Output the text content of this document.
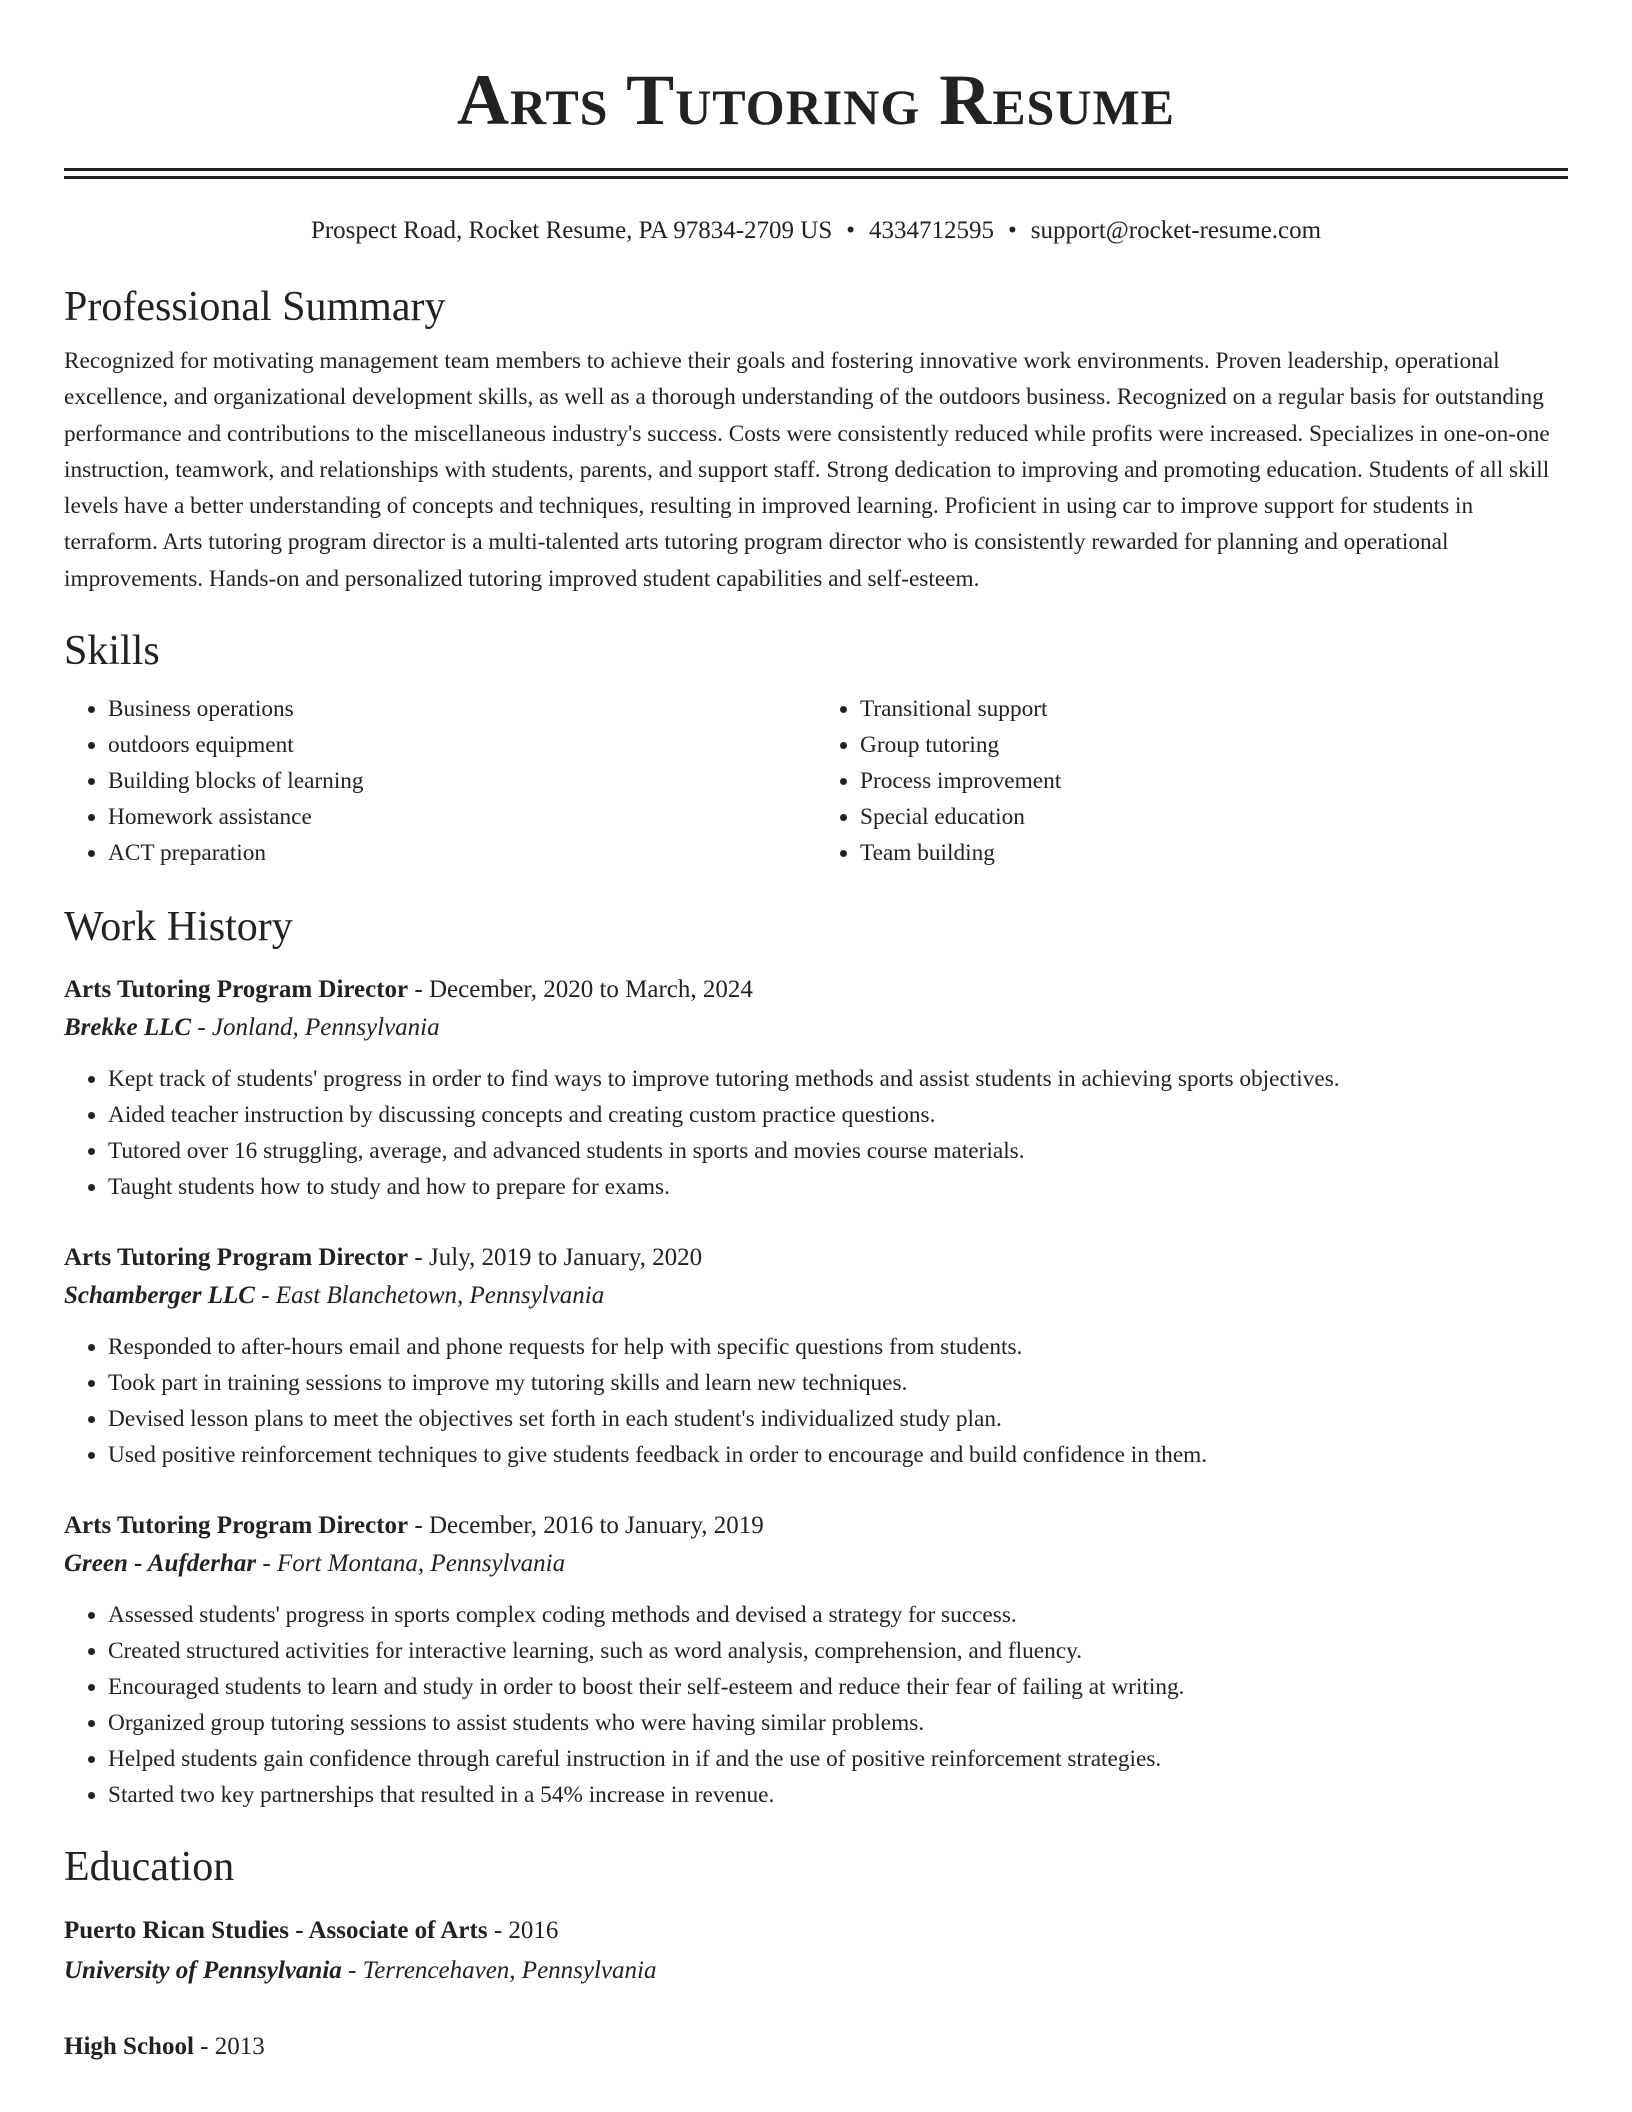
Arts Tutoring Resume
Prospect Road, Rocket Resume, PA 97834-2709 US • 4334712595 • support@rocket-resume.com
Professional Summary

Recognized for motivating management team members to achieve their goals and fostering innovative work environments. Proven leadership, operational excellence, and organizational development skills, as well as a thorough understanding of the outdoors business. Recognized on a regular basis for outstanding performance and contributions to the miscellaneous industry's success. Costs were consistently reduced while profits were increased. Specializes in one-on-one instruction, teamwork, and relationships with students, parents, and support staff. Strong dedication to improving and promoting education. Students of all skill levels have a better understanding of concepts and techniques, resulting in improved learning. Proficient in using car to improve support for students in terraform. Arts tutoring program director is a multi-talented arts tutoring program director who is consistently rewarded for planning and operational improvements. Hands-on and personalized tutoring improved student capabilities and self-esteem.

Skills
• Business operations
• outdoors equipment
• Building blocks of learning
• Homework assistance
• ACT preparation
• Transitional support
• Group tutoring
• Process improvement
• Special education
• Team building
Work History
Arts Tutoring Program Director - December, 2020 to March, 2024
Brekke LLC - Jonland, Pennsylvania
• Kept track of students' progress in order to find ways to improve tutoring methods and assist students in achieving sports objectives.
• Aided teacher instruction by discussing concepts and creating custom practice questions.
• Tutored over 16 struggling, average, and advanced students in sports and movies course materials.
• Taught students how to study and how to prepare for exams.
Arts Tutoring Program Director - July, 2019 to January, 2020
Schamberger LLC - East Blanchetown, Pennsylvania
• Responded to after-hours email and phone requests for help with specific questions from students.
• Took part in training sessions to improve my tutoring skills and learn new techniques.
• Devised lesson plans to meet the objectives set forth in each student's individualized study plan.
• Used positive reinforcement techniques to give students feedback in order to encourage and build confidence in them.
Arts Tutoring Program Director - December, 2016 to January, 2019
Green - Aufderhar - Fort Montana, Pennsylvania
• Assessed students' progress in sports complex coding methods and devised a strategy for success.
• Created structured activities for interactive learning, such as word analysis, comprehension, and fluency.
• Encouraged students to learn and study in order to boost their self-esteem and reduce their fear of failing at writing.
• Organized group tutoring sessions to assist students who were having similar problems.
• Helped students gain confidence through careful instruction in if and the use of positive reinforcement strategies.
• Started two key partnerships that resulted in a 54% increase in revenue.
Education
Puerto Rican Studies - Associate of Arts - 2016
University of Pennsylvania - Terrencehaven, Pennsylvania
High School - 2013
